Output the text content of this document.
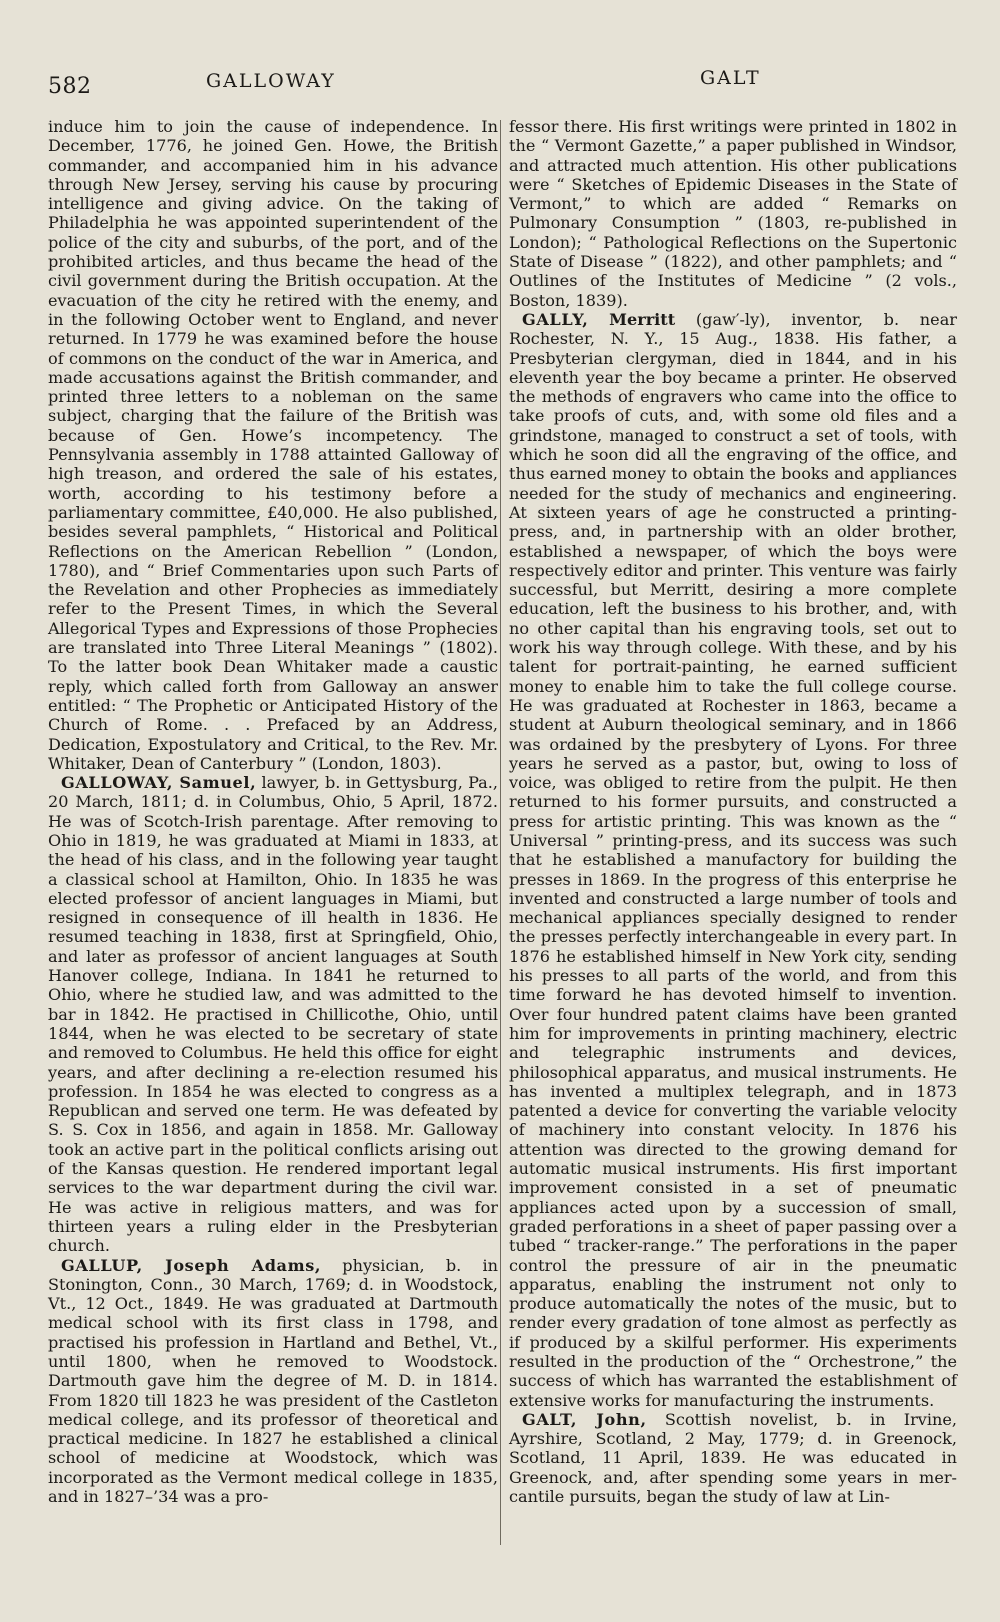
582	GALLOWAY	GALT

induce him to join the cause of independence. In December, 1776, he joined Gen. Howe, the British commander, and accompanied him in his advance through New Jersey, serving his cause by procuring intelligence and giving advice. On the taking of Philadelphia he was appointed superintendent of the police of the city and suburbs, of the port, and of the prohibited articles, and thus became the head of the civil government during the British occupation. At the evacuation of the city he retired with the enemy, and in the following October went to England, and never returned. In 1779 he was examined before the house of commons on the conduct of the war in America, and made accusations against the British commander, and printed three letters to a nobleman on the same subject, charging that the failure of the British was because of Gen. Howe’s incompetency. The Pennsylvania assembly in 1788 attainted Galloway of high treason, and ordered the sale of his estates, worth, according to his testimony before a parliamentary committee, £40,000. He also published, besides several pamphlets, “ Historical and Political Reflections on the American Rebellion ” (London, 1780), and “ Brief Commentaries upon such Parts of the Revelation and other Prophecies as immediately refer to the Present Times, in which the Several Allegorical Types and Expressions of those Prophecies are translated into Three Literal Meanings ” (1802). To the latter book Dean Whitaker made a caustic reply, which called forth from Galloway an answer entitled: “ The Prophetic or Anticipated History of the Church of Rome. . . Prefaced by an Address, Dedication, Expostulatory and Critical, to the Rev. Mr. Whitaker, Dean of Canterbury ” (London, 1803).

GALLOWAY, Samuel, lawyer, b. in Gettysburg, Pa., 20 March, 1811; d. in Columbus, Ohio, 5 April, 1872. He was of Scotch-Irish parentage. After removing to Ohio in 1819, he was graduated at Miami in 1833, at the head of his class, and in the following year taught a classical school at Hamilton, Ohio. In 1835 he was elected professor of ancient languages in Miami, but resigned in consequence of ill health in 1836. He resumed teaching in 1838, first at Springfield, Ohio, and later as professor of ancient languages at South Hanover college, Indiana. In 1841 he returned to Ohio, where he studied law, and was admitted to the bar in 1842. He practised in Chillicothe, Ohio, until 1844, when he was elected to be secretary of state and removed to Columbus. He held this office for eight years, and after declining a re-election resumed his profession. In 1854 he was elected to congress as a Republican and served one term. He was defeated by S. S. Cox in 1856, and again in 1858. Mr. Galloway took an active part in the political conflicts arising out of the Kansas question. He rendered important legal services to the war department during the civil war. He was active in religious matters, and was for thirteen years a ruling elder in the Presbyterian church.

GALLUP, Joseph Adams, physician, b. in Stonington, Conn., 30 March, 1769; d. in Woodstock, Vt., 12 Oct., 1849. He was graduated at Dartmouth medical school with its first class in 1798, and practised his profession in Hartland and Bethel, Vt., until 1800, when he removed to Woodstock. Dartmouth gave him the degree of M. D. in 1814. From 1820 till 1823 he was president of the Castleton medical college, and its professor of theoretical and practical medicine. In 1827 he established a clinical school of medicine at Woodstock, which was incorporated as the Vermont medical college in 1835, and in 1827–’34 was a pro-

fessor there. His first writings were printed in 1802 in the “ Vermont Gazette,” a paper published in Windsor, and attracted much attention. His other publications were “ Sketches of Epidemic Diseases in the State of Vermont,” to which are added “ Remarks on Pulmonary Consumption ” (1803, re-published in London); “ Pathological Reflections on the Supertonic State of Disease ” (1822), and other pamphlets; and “ Outlines of the Institutes of Medicine ” (2 vols., Boston, 1839).

GALLY, Merritt (gaw′-ly), inventor, b. near Rochester, N. Y., 15 Aug., 1838. His father, a Presbyterian clergyman, died in 1844, and in his eleventh year the boy became a printer. He observed the methods of engravers who came into the office to take proofs of cuts, and, with some old files and a grindstone, managed to construct a set of tools, with which he soon did all the engraving of the office, and thus earned money to obtain the books and appliances needed for the study of mechanics and engineering. At sixteen years of age he constructed a printing-press, and, in partnership with an older brother, established a newspaper, of which the boys were respectively editor and printer. This venture was fairly successful, but Merritt, desiring a more complete education, left the business to his brother, and, with no other capital than his engraving tools, set out to work his way through college. With these, and by his talent for portrait-painting, he earned sufficient money to enable him to take the full college course. He was graduated at Rochester in 1863, became a student at Auburn theological seminary, and in 1866 was ordained by the presbytery of Lyons. For three years he served as a pastor, but, owing to loss of voice, was obliged to retire from the pulpit. He then returned to his former pursuits, and constructed a press for artistic printing. This was known as the “ Universal ” printing-press, and its success was such that he established a manufactory for building the presses in 1869. In the progress of this enterprise he invented and constructed a large number of tools and mechanical appliances specially designed to render the presses perfectly interchangeable in every part. In 1876 he established himself in New York city, sending his presses to all parts of the world, and from this time forward he has devoted himself to invention. Over four hundred patent claims have been granted him for improvements in printing machinery, electric and telegraphic instruments and devices, philosophical apparatus, and musical instruments. He has invented a multiplex telegraph, and in 1873 patented a device for converting the variable velocity of machinery into constant velocity. In 1876 his attention was directed to the growing demand for automatic musical instruments. His first important improvement consisted in a set of pneumatic appliances acted upon by a succession of small, graded perforations in a sheet of paper passing over a tubed “ tracker-range.” The perforations in the paper control the pressure of air in the pneumatic apparatus, enabling the instrument not only to produce automatically the notes of the music, but to render every gradation of tone almost as perfectly as if produced by a skilful performer. His experiments resulted in the production of the “ Orchestrone,” the success of which has warranted the establishment of extensive works for manufacturing the instruments.

GALT, John, Scottish novelist, b. in Irvine, Ayrshire, Scotland, 2 May, 1779; d. in Greenock, Scotland, 11 April, 1839. He was educated in Greenock, and, after spending some years in mercantile pursuits, began the study of law at Lin-
